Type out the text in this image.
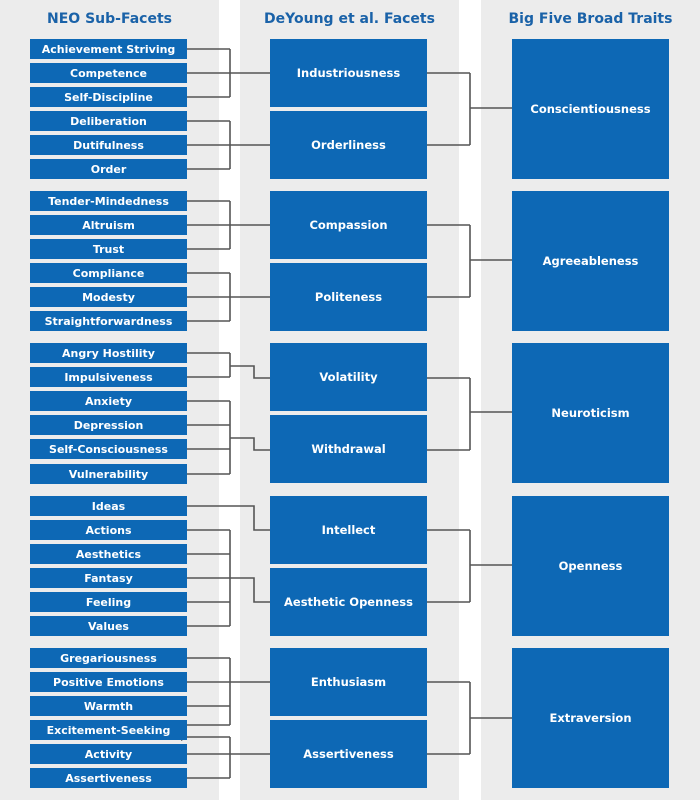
NEO Sub-Facets	DeYoung et al. Facets	Big Five Broad Traits
Achievement Striving
Competence
Self-Discipline
Deliberation
Dutifulness
Order
Tender-Mindedness
Altruism
Trust
Compliance
Modesty
Straightforwardness
Angry Hostility
Impulsiveness
Anxiety
Depression
Self-Consciousness
Vulnerability
Ideas
Actions
Aesthetics
Fantasy
Feeling
Values
Gregariousness
Positive Emotions
Warmth
Excitement-Seeking
Activity
Assertiveness
Industriousness
Orderliness
Compassion
Politeness
Volatility
Withdrawal
Intellect
Aesthetic Openness
Enthusiasm
Assertiveness
Conscientiousness
Agreeableness
Neuroticism
Openness
Extraversion
